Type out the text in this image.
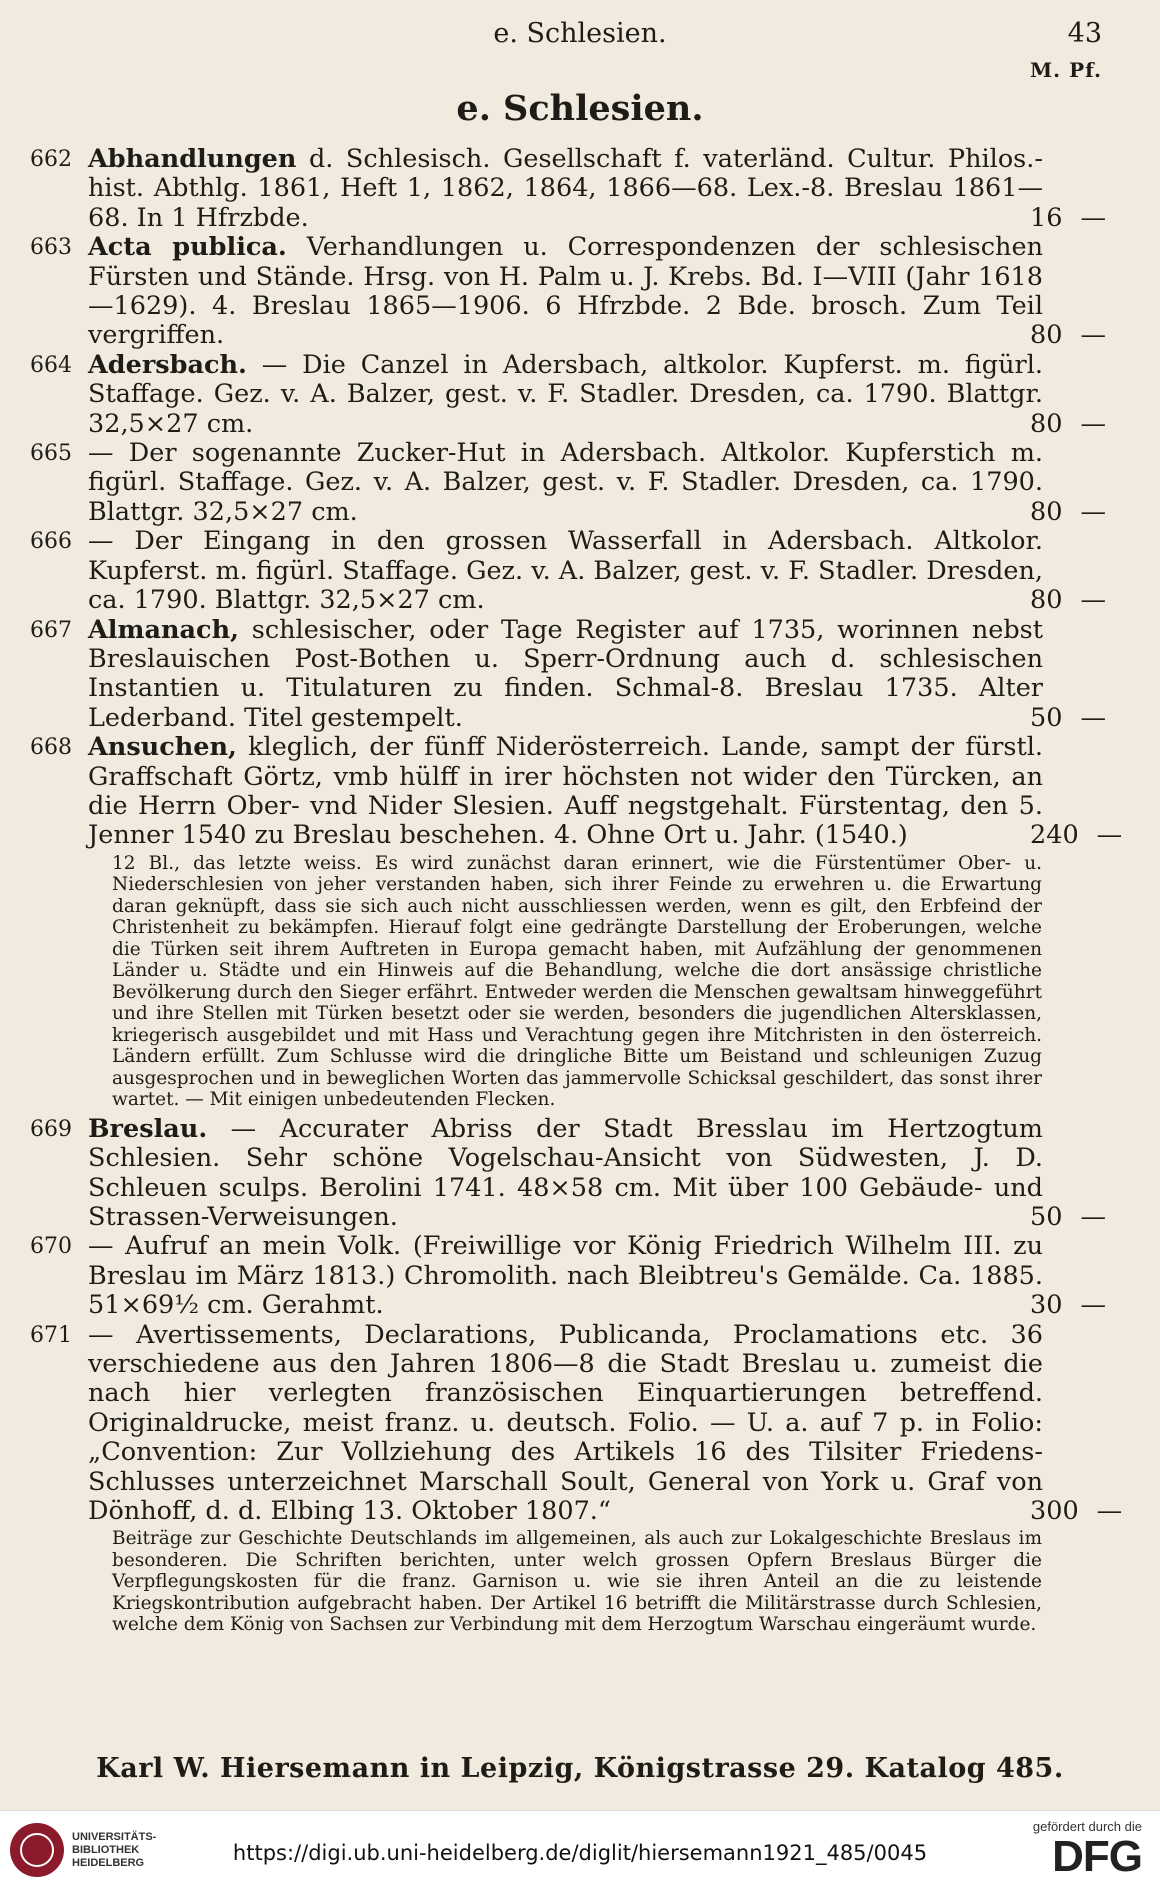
e. Schlesien.	43
M. Pf.
e. Schlesien.
662 Abhandlungen d. Schlesisch. Gesellschaft f. vaterländ. Cultur. Philos.-hist. Abthlg. 1861, Heft 1, 1862, 1864, 1866—68. Lex.-8. Breslau 1861—68. In 1 Hfrzbde.	16 —
663 Acta publica. Verhandlungen u. Correspondenzen der schlesischen Fürsten und Stände. Hrsg. von H. Palm u. J. Krebs. Bd. I—VIII (Jahr 1618—1629). 4. Breslau 1865—1906. 6 Hfrzbde. 2 Bde. brosch. Zum Teil vergriffen.	80 —
664 Adersbach. — Die Canzel in Adersbach, altkolor. Kupferst. m. figürl. Staffage. Gez. v. A. Balzer, gest. v. F. Stadler. Dresden, ca. 1790. Blattgr. 32,5×27 cm.	80 —
665 — Der sogenannte Zucker-Hut in Adersbach. Altkolor. Kupferstich m. figürl. Staffage. Gez. v. A. Balzer, gest. v. F. Stadler. Dresden, ca. 1790. Blattgr. 32,5×27 cm.	80 —
666 — Der Eingang in den grossen Wasserfall in Adersbach. Altkolor. Kupferst. m. figürl. Staffage. Gez. v. A. Balzer, gest. v. F. Stadler. Dresden, ca. 1790. Blattgr. 32,5×27 cm.	80 —
667 Almanach, schlesischer, oder Tage Register auf 1735, worinnen nebst Breslauischen Post-Bothen u. Sperr-Ordnung auch d. schlesischen Instantien u. Titulaturen zu finden. Schmal-8. Breslau 1735. Alter Lederband. Titel gestempelt.	50 —
668 Ansuchen, kleglich, der fünff Niderösterreich. Lande, sampt der fürstl. Graffschaft Görtz, vmb hülff in irer höchsten not wider den Türcken, an die Herrn Ober- vnd Nider Slesien. Auff negstgehalt. Fürstentag, den 5. Jenner 1540 zu Breslau beschehen. 4. Ohne Ort u. Jahr. (1540.)	240 —
12 Bl., das letzte weiss. Es wird zunächst daran erinnert, wie die Fürstentümer Ober- u. Niederschlesien von jeher verstanden haben, sich ihrer Feinde zu erwehren u. die Erwartung daran geknüpft, dass sie sich auch nicht ausschliessen werden, wenn es gilt, den Erbfeind der Christenheit zu bekämpfen. Hierauf folgt eine gedrängte Darstellung der Eroberungen, welche die Türken seit ihrem Auftreten in Europa gemacht haben, mit Aufzählung der genommenen Länder u. Städte und ein Hinweis auf die Behandlung, welche die dort ansässige christliche Bevölkerung durch den Sieger erfährt. Entweder werden die Menschen gewaltsam hinweggeführt und ihre Stellen mit Türken besetzt oder sie werden, besonders die jugendlichen Altersklassen, kriegerisch ausgebildet und mit Hass und Verachtung gegen ihre Mitchristen in den österreich. Ländern erfüllt. Zum Schlusse wird die dringliche Bitte um Beistand und schleunigen Zuzug ausgesprochen und in beweglichen Worten das jammervolle Schicksal geschildert, das sonst ihrer wartet. — Mit einigen unbedeutenden Flecken.
669 Breslau. — Accurater Abriss der Stadt Bresslau im Hertzogtum Schlesien. Sehr schöne Vogelschau-Ansicht von Südwesten, J. D. Schleuen sculps. Berolini 1741. 48×58 cm. Mit über 100 Gebäude- und Strassen-Verweisungen.	50 —
670 — Aufruf an mein Volk. (Freiwillige vor König Friedrich Wilhelm III. zu Breslau im März 1813.) Chromolith. nach Bleibtreu's Gemälde. Ca. 1885. 51×69½ cm. Gerahmt.	30 —
671 — Avertissements, Declarations, Publicanda, Proclamations etc. 36 verschiedene aus den Jahren 1806—8 die Stadt Breslau u. zumeist die nach hier verlegten französischen Einquartierungen betreffend. Originaldrucke, meist franz. u. deutsch. Folio. — U. a. auf 7 p. in Folio: „Convention: Zur Vollziehung des Artikels 16 des Tilsiter Friedens-Schlusses unterzeichnet Marschall Soult, General von York u. Graf von Dönhoff, d. d. Elbing 13. Oktober 1807.“	300 —
Beiträge zur Geschichte Deutschlands im allgemeinen, als auch zur Lokalgeschichte Breslaus im besonderen. Die Schriften berichten, unter welch grossen Opfern Breslaus Bürger die Verpflegungskosten für die franz. Garnison u. wie sie ihren Anteil an die zu leistende Kriegskontribution aufgebracht haben. Der Artikel 16 betrifft die Militärstrasse durch Schlesien, welche dem König von Sachsen zur Verbindung mit dem Herzogtum Warschau eingeräumt wurde.
Karl W. Hiersemann in Leipzig, Königstrasse 29. Katalog 485.
UNIVERSITÄTS-
BIBLIOTHEK
HEIDELBERG	https://digi.ub.uni-heidelberg.de/diglit/hiersemann1921_485/0045
gefördert durch die
DFG
